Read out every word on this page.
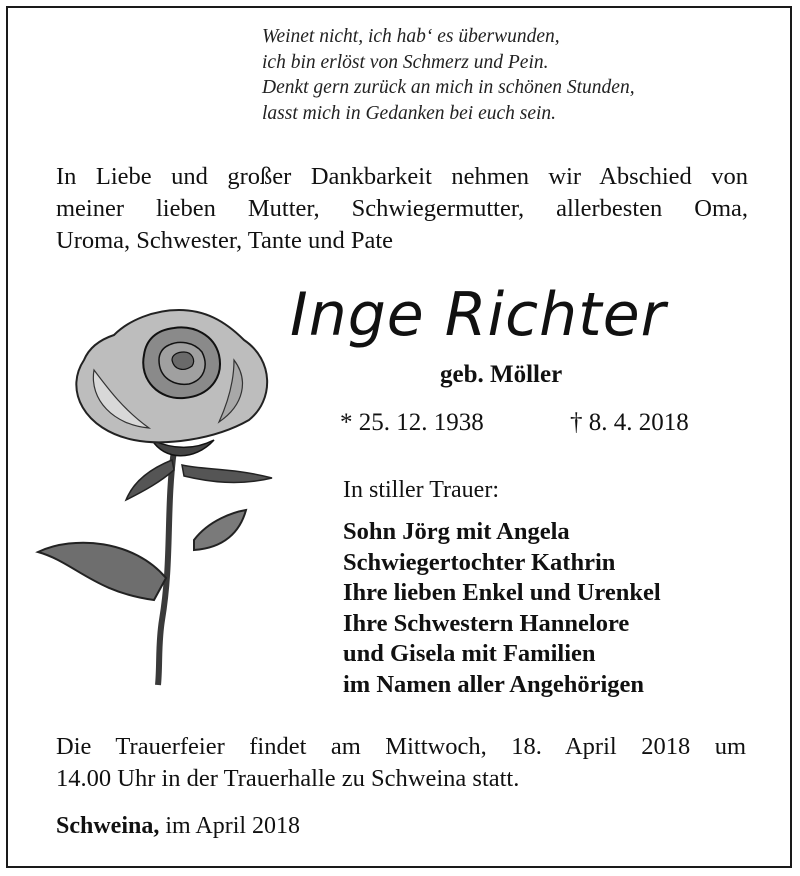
Weinet nicht, ich hab‘ es überwunden,
ich bin erlöst von Schmerz und Pein.
Denkt gern zurück an mich in schönen Stunden,
lasst mich in Gedanken bei euch sein.
In Liebe und großer Dankbarkeit nehmen wir Abschied von
meiner lieben Mutter, Schwiegermutter, allerbesten Oma,
Uroma, Schwester, Tante und Pate
Inge Richter
geb. Möller
* 25. 12. 1938	† 8. 4. 2018
In stiller Trauer:
Sohn Jörg mit Angela
Schwiegertochter Kathrin
Ihre lieben Enkel und Urenkel
Ihre Schwestern Hannelore
und Gisela mit Familien
im Namen aller Angehörigen
Die Trauerfeier findet am Mittwoch, 18. April 2018 um
14.00 Uhr in der Trauerhalle zu Schweina statt.
Schweina, im April 2018
